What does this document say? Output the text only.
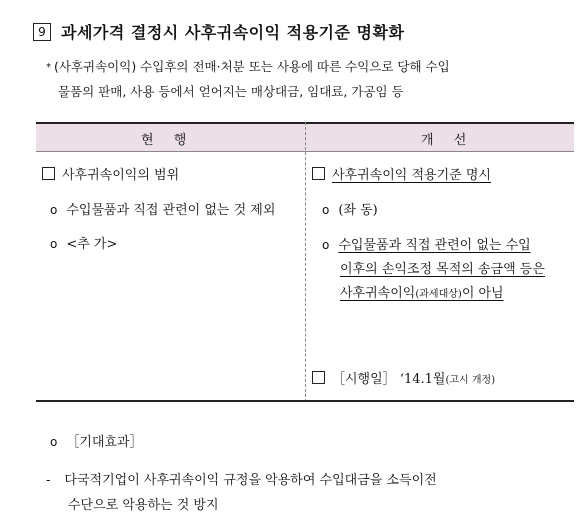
9 과세가격 결정시 사후귀속이익 적용기준 명확화
* (사후귀속이익) 수입후의 전매·처분 또는 사용에 따른 수익으로 당해 수입
물품의 판매, 사용 등에서 얻어지는 매상대금, 임대료, 가공임 등
현 행	개 선
사후귀속이익의 범위
o 수입물품과 직접 관련이 없는 것 제외
o <추 가>
사후귀속이익 적용기준 명시
o (좌 동)
o 수입물품과 직접 관련이 없는 수입
이후의 손익조정 목적의 송금액 등은
사후귀속이익(과세대상)이 아님
［시행일］ ‘14.1월(고시 개정)
o ［기대효과］
- 다국적기업이 사후귀속이익 규정을 악용하여 수입대금을 소득이전
수단으로 악용하는 것 방지
